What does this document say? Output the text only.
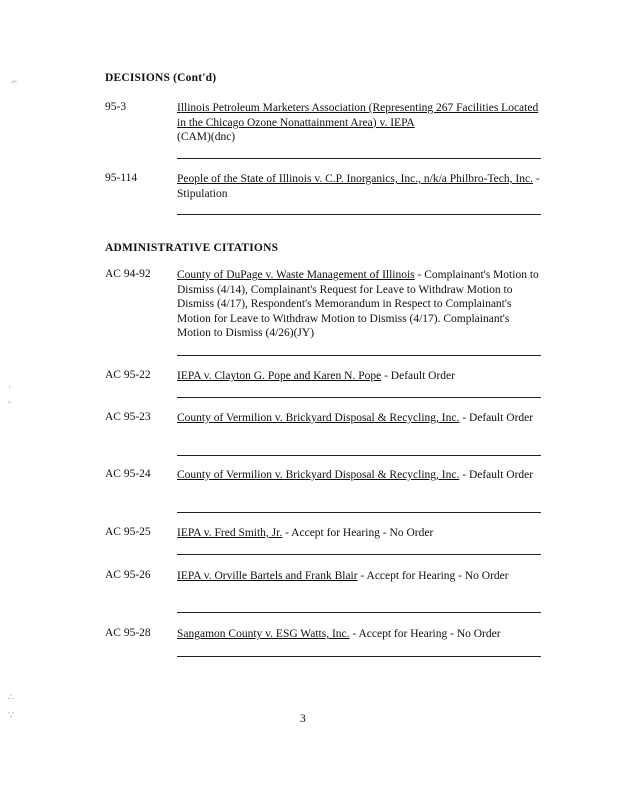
DECISIONS (Cont'd)
95-3	Illinois Petroleum Marketers Association (Representing 267 Facilities Located in the Chicago Ozone Nonattainment Area) v. IEPA
(CAM)(dnc)
95-114	People of the State of Illinois v. C.P. Inorganics, Inc., n/k/a Philbro-Tech, Inc. - Stipulation
ADMINISTRATIVE CITATIONS
AC 94-92 County of DuPage v. Waste Management of Illinois - Complainant's Motion to Dismiss (4/14), Complainant's Request for Leave to Withdraw Motion to Dismiss (4/17), Respondent's Memorandum in Respect to Complainant's Motion for Leave to Withdraw Motion to Dismiss (4/17). Complainant's Motion to Dismiss (4/26)(JY)
AC 95-22 IEPA v. Clayton G. Pope and Karen N. Pope - Default Order
AC 95-23 County of Vermilion v. Brickyard Disposal & Recycling, Inc. - Default Order
AC 95-24 County of Vermilion v. Brickyard Disposal & Recycling, Inc. - Default Order
AC 95-25 IEPA v. Fred Smith, Jr. - Accept for Hearing - No Order
AC 95-26 IEPA v. Orville Bartels and Frank Blair - Accept for Hearing - No Order
AC 95-28 Sangamon County v. ESG Watts, Inc. - Accept for Hearing - No Order
3
⌐
·
˜
∴
∵
